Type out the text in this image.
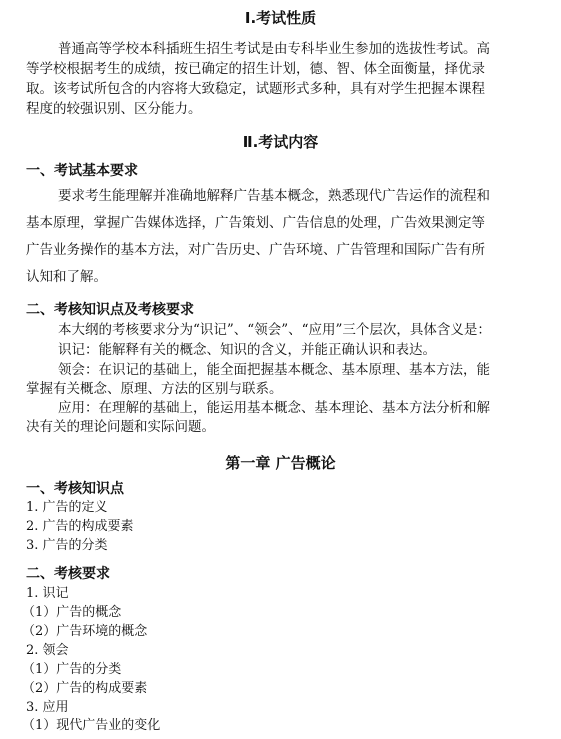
Ⅰ.考试性质

普通高等学校本科插班生招生考试是由专科毕业生参加的选拔性考试。高

等学校根据考生的成绩，按已确定的招生计划，德、智、体全面衡量，择优录

取。该考试所包含的内容将大致稳定，试题形式多种，具有对学生把握本课程

程度的较强识别、区分能力。

Ⅱ.考试内容
一、考试基本要求

要求考生能理解并准确地解释广告基本概念，熟悉现代广告运作的流程和

基本原理，掌握广告媒体选择，广告策划、广告信息的处理，广告效果测定等

广告业务操作的基本方法，对广告历史、广告环境、广告管理和国际广告有所

认知和了解。

二、考核知识点及考核要求

本大纲的考核要求分为“识记”、“领会”、“应用”三个层次，具体含义是：

识记：能解释有关的概念、知识的含义，并能正确认识和表达。

领会：在识记的基础上，能全面把握基本概念、基本原理、基本方法，能

掌握有关概念、原理、方法的区别与联系。

应用：在理解的基础上，能运用基本概念、基本理论、基本方法分析和解

决有关的理论问题和实际问题。

第一章 广告概论
一、考核知识点

1. 广告的定义

2. 广告的构成要素

3. 广告的分类

二、考核要求

1. 识记

（1）广告的概念

（2）广告环境的概念

2. 领会

（1）广告的分类

（2）广告的构成要素

3. 应用

（1）现代广告业的变化
